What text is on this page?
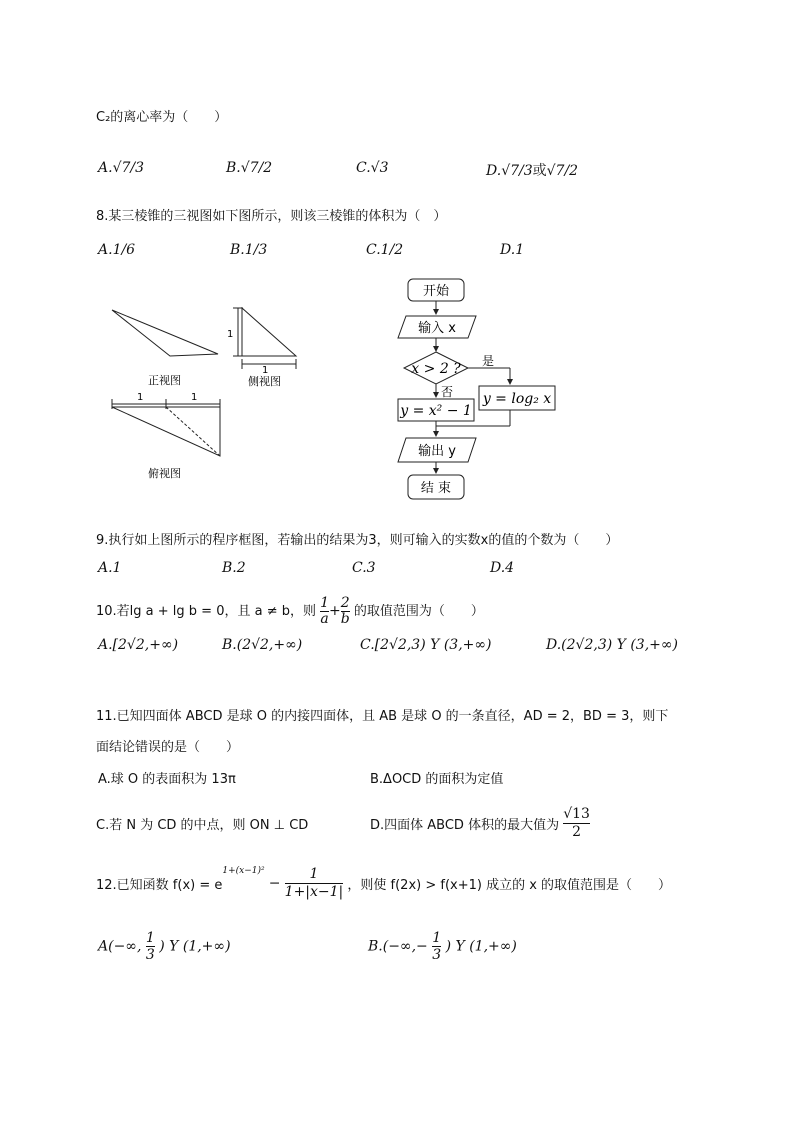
C₂的离心率为（　　）
A.√7/3	B.√7/2	C.√3	D.√7/3或√7/2
8.某三棱锥的三视图如下图所示，则该三棱锥的体积为（　）
A.1/6	B.1/3	C.1/2	D.1
正视图
1
1
侧视图
1	1
俯视图
开始
输入 x
x > 2 ? 是
否 y = log₂ x
y = x² − 1
输出 y
结 束
9.执行如上图所示的程序框图，若输出的结果为3，则可输入的实数x的值的个数为（　　）
A.1	B.2	C.3	D.4
10.若lg a + lg b = 0，且 a ≠ b，则 $\frac{1}{a} + \frac{2}{b}$ 的取值范围为（　　）
A.[2√2,+∞)	B.(2√2,+∞)	C.[2√2,3) Y (3,+∞)	D.(2√2,3) Y (3,+∞)
11.已知四面体 ABCD 是球 O 的内接四面体，且 AB 是球 O 的一条直径，AD = 2，BD = 3，则下
面结论错误的是（　　）
A.球 O 的表面积为 13π	B.ΔOCD 的面积为定值
C.若 N 为 CD 的中点，则 ON ⊥ CD	D.四面体 ABCD 体积的最大值为 $\frac{√13}{2}$
12.已知函数 $f(x) = e^{1+(x-1)^2} - \frac{1}{1+|x-1|}$ ，则使 f(2x) > f(x+1) 成立的 x 的取值范围是（　　）
A(−∞, $\frac{1}{3}$ ) Y (1,+∞)	$B.(-\infty,- \frac{1}{3}$ ) Y (1,+∞)
